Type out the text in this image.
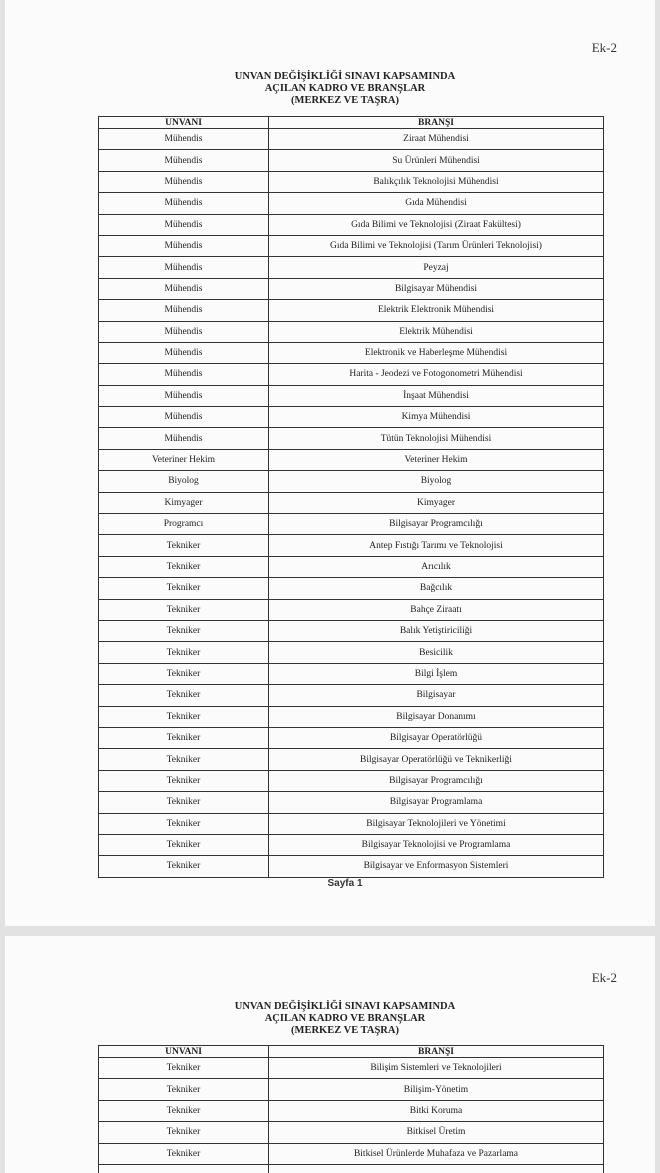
Ek-2
UNVAN DEĞİŞİKLİĞİ SINAVI KAPSAMINDA
AÇILAN KADRO VE BRANŞLAR
(MERKEZ VE TAŞRA)
UNVANI	BRANŞI
Mühendis	Ziraat Mühendisi
Mühendis	Su Ürünleri Mühendisi
Mühendis	Balıkçılık Teknolojisi Mühendisi
Mühendis	Gıda Mühendisi
Mühendis	Gıda Bilimi ve Teknolojisi (Ziraat Fakültesi)
Mühendis	Gıda Bilimi ve Teknolojisi (Tarım Ürünleri Teknolojisi)
Mühendis	Peyzaj
Mühendis	Bilgisayar Mühendisi
Mühendis	Elektrik Elektronik Mühendisi
Mühendis	Elektrik Mühendisi
Mühendis	Elektronik ve Haberleşme Mühendisi
Mühendis	Harita - Jeodezi ve Fotogonometri Mühendisi
Mühendis	İnşaat Mühendisi
Mühendis	Kimya Mühendisi
Mühendis	Tütün Teknolojisi Mühendisi
Veteriner Hekim	Veteriner Hekim
Biyolog	Biyolog
Kimyager	Kimyager
Programcı	Bilgisayar Programcılığı
Tekniker	Antep Fıstığı Tarımı ve Teknolojisi
Tekniker	Arıcılık
Tekniker	Bağcılık
Tekniker	Bahçe Ziraatı
Tekniker	Balık Yetiştiriciliği
Tekniker	Besicilik
Tekniker	Bilgi İşlem
Tekniker	Bilgisayar
Tekniker	Bilgisayar Donanımı
Tekniker	Bilgisayar Operatörlüğü
Tekniker	Bilgisayar Operatörlüğü ve Teknikerliği
Tekniker	Bilgisayar Programcılığı
Tekniker	Bilgisayar Programlama
Tekniker	Bilgisayar Teknolojileri ve Yönetimi
Tekniker	Bilgisayar Teknolojisi ve Programlama
Tekniker	Bilgisayar ve Enformasyon Sistemleri
Sayfa 1
Ek-2
UNVAN DEĞİŞİKLİĞİ SINAVI KAPSAMINDA
AÇILAN KADRO VE BRANŞLAR
(MERKEZ VE TAŞRA)
UNVANI	BRANŞI
Tekniker	Bilişim Sistemleri ve Teknolojileri
Tekniker	Bilişim-Yönetim
Tekniker	Bitki Koruma
Tekniker	Bitkisel Üretim
Tekniker	Bitkisel Ürünlerde Muhafaza ve Pazarlama
